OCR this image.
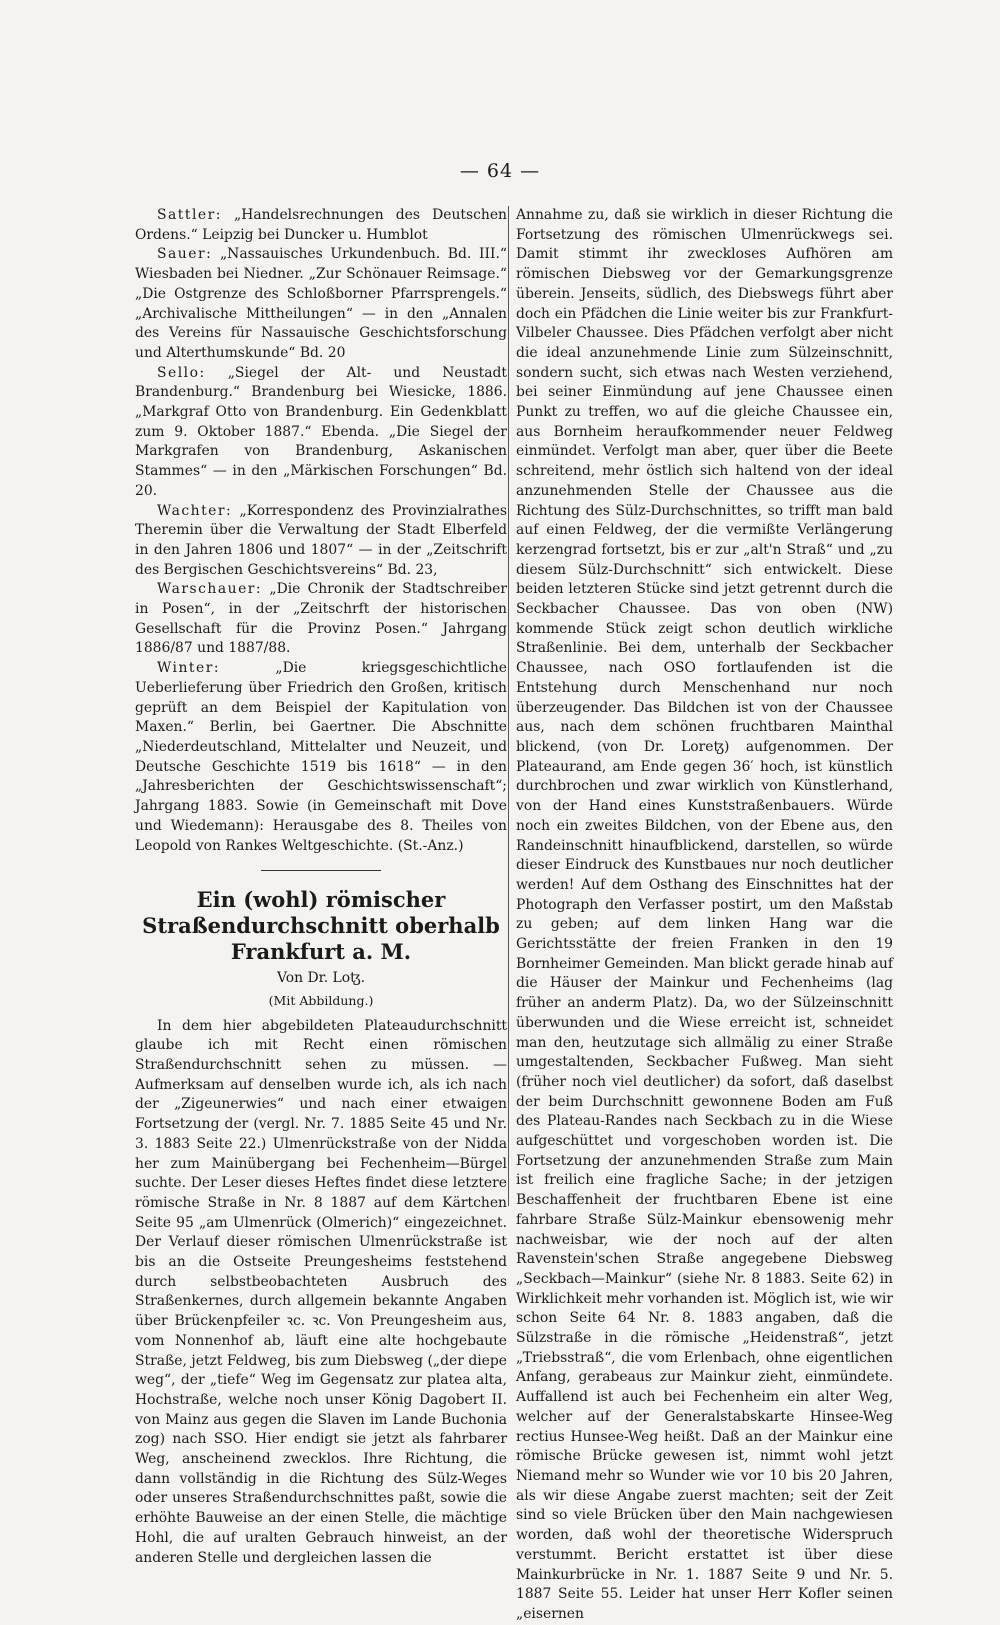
— 64 —

Sattler: „Handelsrechnungen des Deutschen Ordens.“ Leipzig bei Duncker u. Humblot

Sauer: „Nassauisches Urkundenbuch. Bd. III.“ Wiesbaden bei Niedner. „Zur Schönauer Reimsage.“ „Die Ostgrenze des Schloßborner Pfarrsprengels.“ „Archivalische Mittheilungen“ — in den „Annalen des Vereins für Nassauische Geschichtsforschung und Alterthumskunde“ Bd. 20

Sello: „Siegel der Alt- und Neustadt Brandenburg.“ Brandenburg bei Wiesicke, 1886. „Markgraf Otto von Brandenburg. Ein Gedenkblatt zum 9. Oktober 1887.“ Ebenda. „Die Siegel der Markgrafen von Brandenburg, Askanischen Stammes“ — in den „Märkischen Forschungen“ Bd. 20.

Wachter: „Korrespondenz des Provinzialrathes Theremin über die Verwaltung der Stadt Elberfeld in den Jahren 1806 und 1807“ — in der „Zeitschrift des Bergischen Geschichtsvereins“ Bd. 23,

Warschauer: „Die Chronik der Stadtschreiber in Posen“, in der „Zeitschrft der historischen Gesellschaft für die Provinz Posen.“ Jahrgang 1886/87 und 1887/88.

Winter: „Die kriegsgeschichtliche Ueberlieferung über Friedrich den Großen, kritisch geprüft an dem Beispiel der Kapitulation von Maxen.“ Berlin, bei Gaertner. Die Abschnitte „Niederdeutschland, Mittelalter und Neuzeit, und Deutsche Geschichte 1519 bis 1618“ — in den „Jahresberichten der Geschichtswissenschaft“; Jahrgang 1883. Sowie (in Gemeinschaft mit Dove und Wiedemann): Herausgabe des 8. Theiles von Leopold von Rankes Weltgeschichte. (St.-Anz.)

Ein (wohl) römischer Straßendurchschnitt oberhalb Frankfurt a. M.
Von Dr. Loꜩ.
(Mit Abbildung.)

In dem hier abgebildeten Plateaudurchschnitt glaube ich mit Recht einen römischen Straßendurchschnitt sehen zu müssen. — Aufmerksam auf denselben wurde ich, als ich nach der „Zigeunerwies“ und nach einer etwaigen Fortsetzung der (vergl. Nr. 7. 1885 Seite 45 und Nr. 3. 1883 Seite 22.) Ulmenrückstraße von der Nidda her zum Mainübergang bei Fechenheim—Bürgel suchte. Der Leser dieses Heftes findet diese letztere römische Straße in Nr. 8 1887 auf dem Kärtchen Seite 95 „am Ulmenrück (Olmerich)“ eingezeichnet. Der Verlauf dieser römischen Ulmenrückstraße ist bis an die Ostseite Preungesheims feststehend durch selbstbeobachteten Ausbruch des Straßenkernes, durch allgemein bekannte Angaben über Brückenpfeiler ꝛc. ꝛc. Von Preungesheim aus, vom Nonnenhof ab, läuft eine alte hochgebaute Straße, jetzt Feldweg, bis zum Diebsweg („der diepe weg“, der „tiefe“ Weg im Gegensatz zur platea alta, Hochstraße, welche noch unser König Dagobert II. von Mainz aus gegen die Slaven im Lande Buchonia zog) nach SSO. Hier endigt sie jetzt als fahrbarer Weg, anscheinend zwecklos. Ihre Richtung, die dann vollständig in die Richtung des Sülz-Weges oder unseres Straßendurchschnittes paßt, sowie die erhöhte Bauweise an der einen Stelle, die mächtige Hohl, die auf uralten Gebrauch hinweist, an der anderen Stelle und dergleichen lassen die

Annahme zu, daß sie wirklich in dieser Richtung die Fortsetzung des römischen Ulmenrückwegs sei. Damit stimmt ihr zweckloses Aufhören am römischen Diebsweg vor der Gemarkungsgrenze überein. Jenseits, südlich, des Diebswegs führt aber doch ein Pfädchen die Linie weiter bis zur Frankfurt-Vilbeler Chaussee. Dies Pfädchen verfolgt aber nicht die ideal anzunehmende Linie zum Sülzeinschnitt, sondern sucht, sich etwas nach Westen verziehend, bei seiner Einmündung auf jene Chaussee einen Punkt zu treffen, wo auf die gleiche Chaussee ein, aus Bornheim heraufkommender neuer Feldweg einmündet. Verfolgt man aber, quer über die Beete schreitend, mehr östlich sich haltend von der ideal anzunehmenden Stelle der Chaussee aus die Richtung des Sülz-Durchschnittes, so trifft man bald auf einen Feldweg, der die vermißte Verlängerung kerzengrad fortsetzt, bis er zur „alt'n Straß“ und „zu diesem Sülz-Durchschnitt“ sich entwickelt. Diese beiden letzteren Stücke sind jetzt getrennt durch die Seckbacher Chaussee. Das von oben (NW) kommende Stück zeigt schon deutlich wirkliche Straßenlinie. Bei dem, unterhalb der Seckbacher Chaussee, nach OSO fortlaufenden ist die Entstehung durch Menschenhand nur noch überzeugender. Das Bildchen ist von der Chaussee aus, nach dem schönen fruchtbaren Mainthal blickend, (von Dr. Loreꜩ) aufgenommen. Der Plateaurand, am Ende gegen 36′ hoch, ist künstlich durchbrochen und zwar wirklich von Künstlerhand, von der Hand eines Kunststraßenbauers. Würde noch ein zweites Bildchen, von der Ebene aus, den Randeinschnitt hinaufblickend, darstellen, so würde dieser Eindruck des Kunstbaues nur noch deutlicher werden! Auf dem Osthang des Einschnittes hat der Photograph den Verfasser postirt, um den Maßstab zu geben; auf dem linken Hang war die Gerichtsstätte der freien Franken in den 19 Bornheimer Gemeinden. Man blickt gerade hinab auf die Häuser der Mainkur und Fechenheims (lag früher an anderm Platz). Da, wo der Sülzeinschnitt überwunden und die Wiese erreicht ist, schneidet man den, heutzutage sich allmälig zu einer Straße umgestaltenden, Seckbacher Fußweg. Man sieht (früher noch viel deutlicher) da sofort, daß daselbst der beim Durchschnitt gewonnene Boden am Fuß des Plateau-Randes nach Seckbach zu in die Wiese aufgeschüttet und vorgeschoben worden ist. Die Fortsetzung der anzunehmenden Straße zum Main ist freilich eine fragliche Sache; in der jetzigen Beschaffenheit der fruchtbaren Ebene ist eine fahrbare Straße Sülz-Mainkur ebensowenig mehr nachweisbar, wie der noch auf der alten Ravenstein'schen Straße angegebene Diebsweg „Seckbach—Mainkur“ (siehe Nr. 8 1883. Seite 62) in Wirklichkeit mehr vorhanden ist. Möglich ist, wie wir schon Seite 64 Nr. 8. 1883 angaben, daß die Sülzstraße in die römische „Heidenstraß“, jetzt „Triebsstraß“, die vom Erlenbach, ohne eigentlichen Anfang, gerabeaus zur Mainkur zieht, einmündete. Auffallend ist auch bei Fechenheim ein alter Weg, welcher auf der Generalstabskarte Hinsee-Weg rectius Hunsee-Weg heißt. Daß an der Mainkur eine römische Brücke gewesen ist, nimmt wohl jetzt Niemand mehr so Wunder wie vor 10 bis 20 Jahren, als wir diese Angabe zuerst machten; seit der Zeit sind so viele Brücken über den Main nachgewiesen worden, daß wohl der theoretische Widerspruch verstummt. Bericht erstattet ist über diese Mainkurbrücke in Nr. 1. 1887 Seite 9 und Nr. 5. 1887 Seite 55. Leider hat unser Herr Kofler seinen „eisernen
